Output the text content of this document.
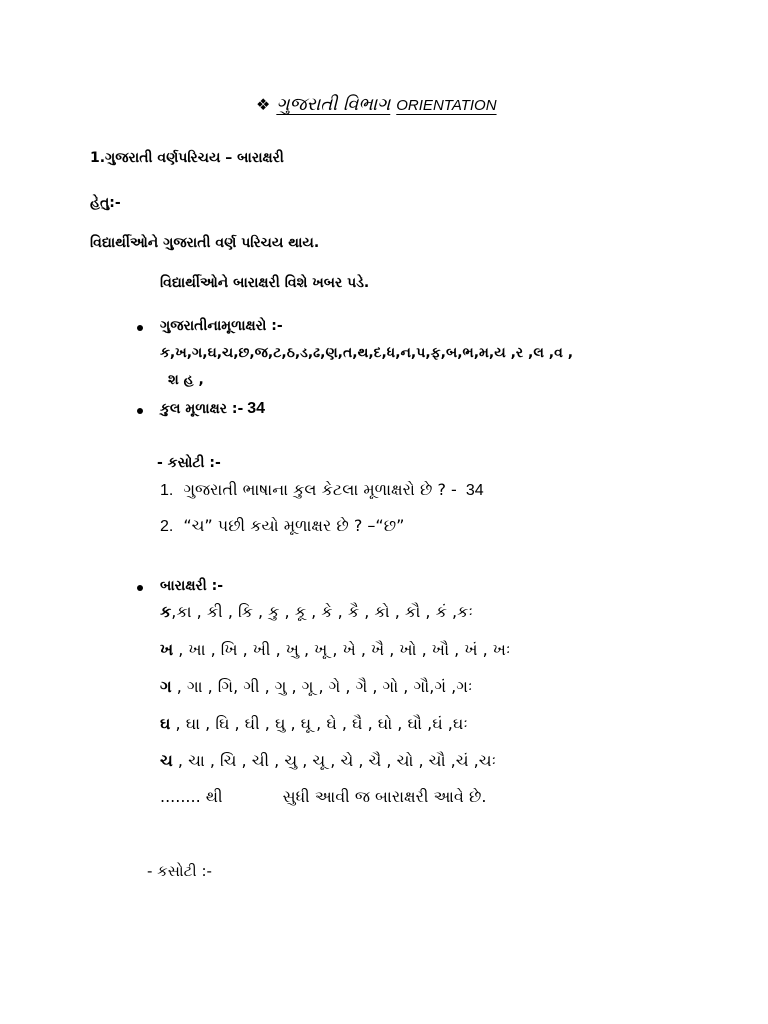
❖ ગુજરાતી વિભાગ ORIENTATION
1.ગુજરાતી વર્ણપરિચય – બારાક્ષરી
હેતુ:-
વિદ્યાર્થીઓને ગુજરાતી વર્ણ પરિચય થાય.
વિદ્યાર્થીઓને બારાક્ષરી વિશે ખબર પડે.
ગુજરાતીનામૂળાક્ષરો :-
ક,ખ,ગ,ઘ,ચ,છ,જ,ટ,ઠ,ડ,ઢ,ણ,ત,થ,દ,ધ,ન,પ,ફ,બ,ભ,મ,ય ,ર ,લ ,વ ,
શ હ ,
કુલ મૂળાક્ષર :- 34
- કસોટી :-
1. ગુજરાતી ભાષાના કુલ કેટલા મૂળાક્ષરો છે ? - 34
2. “ચ” પછી કયો મૂળાક્ષર છે ? –“છ”
બારાક્ષરી :-
ક,કા , કી , કિ , કુ , કૂ , કે , કૈ , કો , કૌ , કં ,કઃ
ખ , ખા , ખિ , ખી , ખુ , ખૂ , ખે , ખૈ , ખો , ખૌ , ખં , ખઃ
ગ , ગા , ગિ, ગી , ગુ , ગૂ , ગે , ગૈ , ગો , ગૌ,ગં ,ગઃ
ઘ , ઘા , ઘિ , ઘી , ઘુ , ઘૂ , ઘે , ઘૈ , ઘો , ઘૌ ,ઘં ,ઘઃ
ચ , ચા , ચિ , ચી , ચુ , ચૂ , ચે , ચૈ , ચો , ચૌ ,ચં ,ચઃ
........ થી	સુધી આવી જ બારાક્ષરી આવે છે.
- કસોટી :-
